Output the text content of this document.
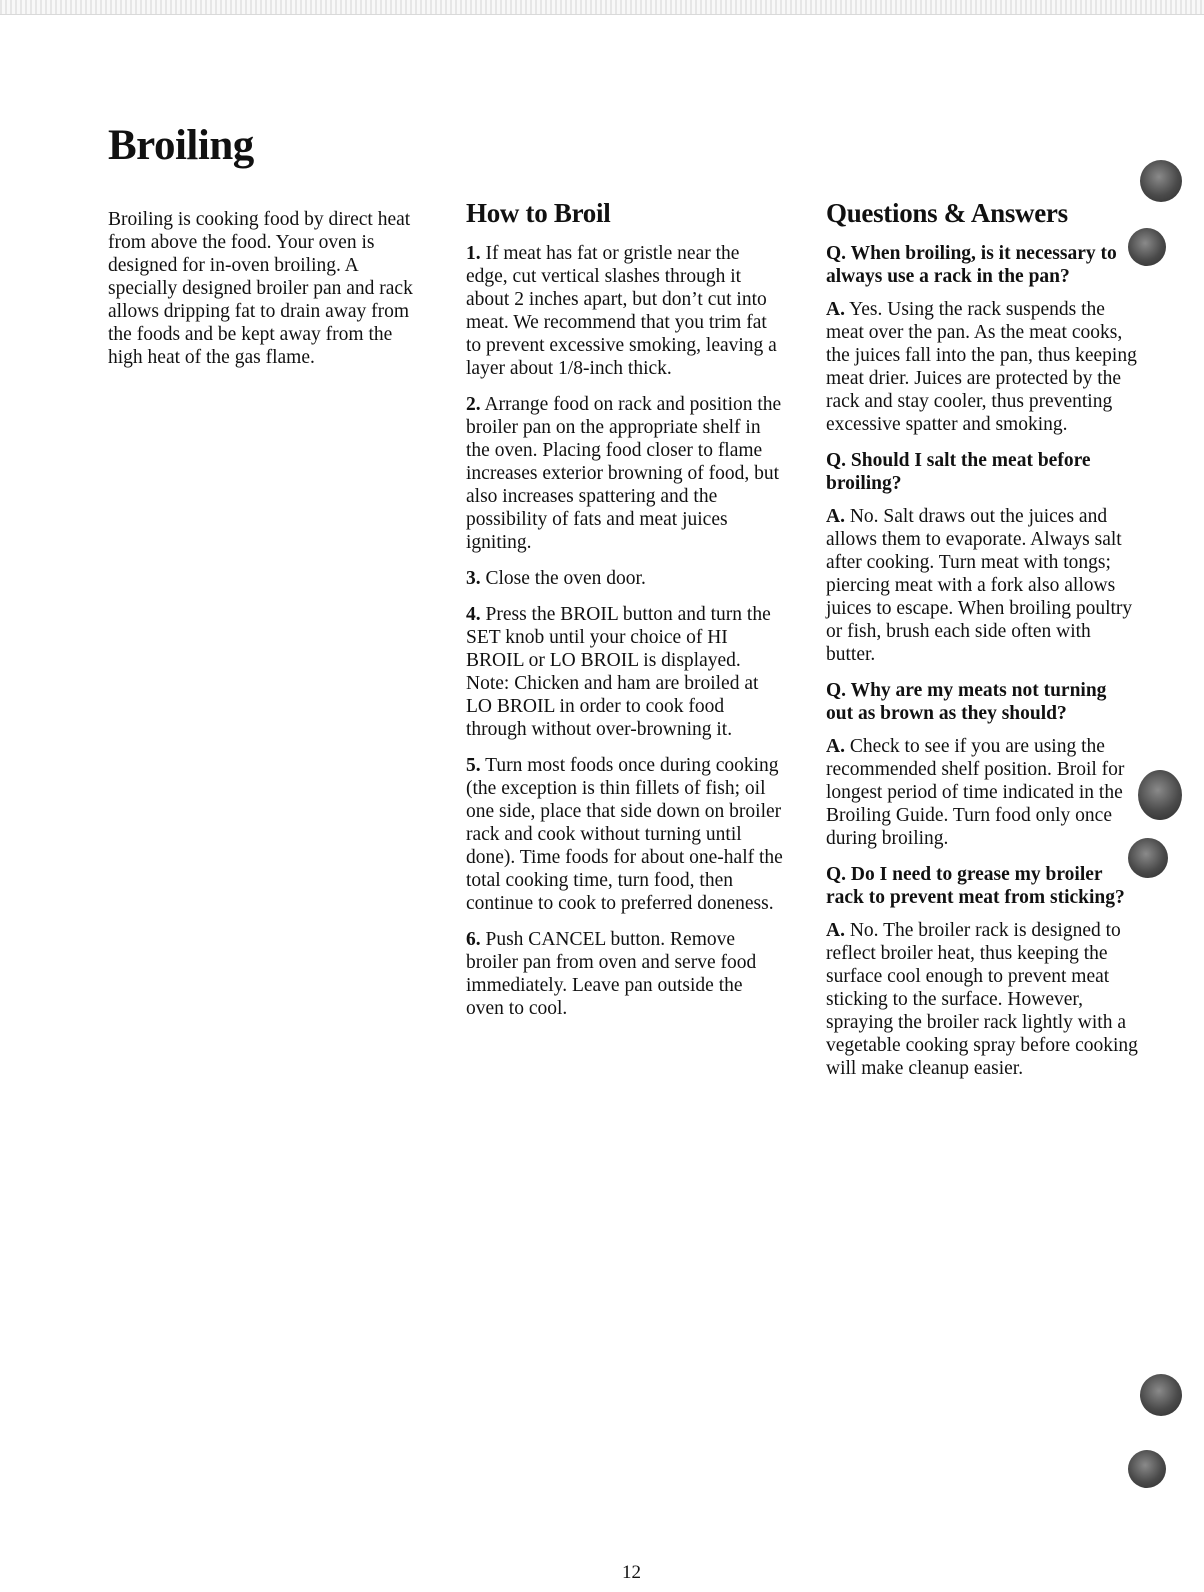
Broiling

Broiling is cooking food by direct heat from above the food. Your oven is designed for in-oven broiling. A specially designed broiler pan and rack allows dripping fat to drain away from the foods and be kept away from the high heat of the gas flame.

How to Broil

1. If meat has fat or gristle near the edge, cut vertical slashes through it about 2 inches apart, but don’t cut into meat. We recommend that you trim fat to prevent excessive smoking, leaving a layer about 1/8-inch thick.

2. Arrange food on rack and position the broiler pan on the appropriate shelf in the oven. Placing food closer to flame increases exterior browning of food, but also increases spattering and the possibility of fats and meat juices igniting.

3. Close the oven door.

4. Press the BROIL button and turn the SET knob until your choice of HI BROIL or LO BROIL is displayed. Note: Chicken and ham are broiled at LO BROIL in order to cook food through without over-browning it.

5. Turn most foods once during cooking (the exception is thin fillets of fish; oil one side, place that side down on broiler rack and cook without turning until done). Time foods for about one-half the total cooking time, turn food, then continue to cook to preferred doneness.

6. Push CANCEL button. Remove broiler pan from oven and serve food immediately. Leave pan outside the oven to cool.

Questions & Answers

Q. When broiling, is it necessary to always use a rack in the pan?

A. Yes. Using the rack suspends the meat over the pan. As the meat cooks, the juices fall into the pan, thus keeping meat drier. Juices are protected by the rack and stay cooler, thus preventing excessive spatter and smoking.

Q. Should I salt the meat before broiling?

A. No. Salt draws out the juices and allows them to evaporate. Always salt after cooking. Turn meat with tongs; piercing meat with a fork also allows juices to escape. When broiling poultry or fish, brush each side often with butter.

Q. Why are my meats not turning out as brown as they should?

A. Check to see if you are using the recommended shelf position. Broil for longest period of time indicated in the Broiling Guide. Turn food only once during broiling.

Q. Do I need to grease my broiler rack to prevent meat from sticking?

A. No. The broiler rack is designed to reflect broiler heat, thus keeping the surface cool enough to prevent meat sticking to the surface. However, spraying the broiler rack lightly with a vegetable cooking spray before cooking will make cleanup easier.

12
